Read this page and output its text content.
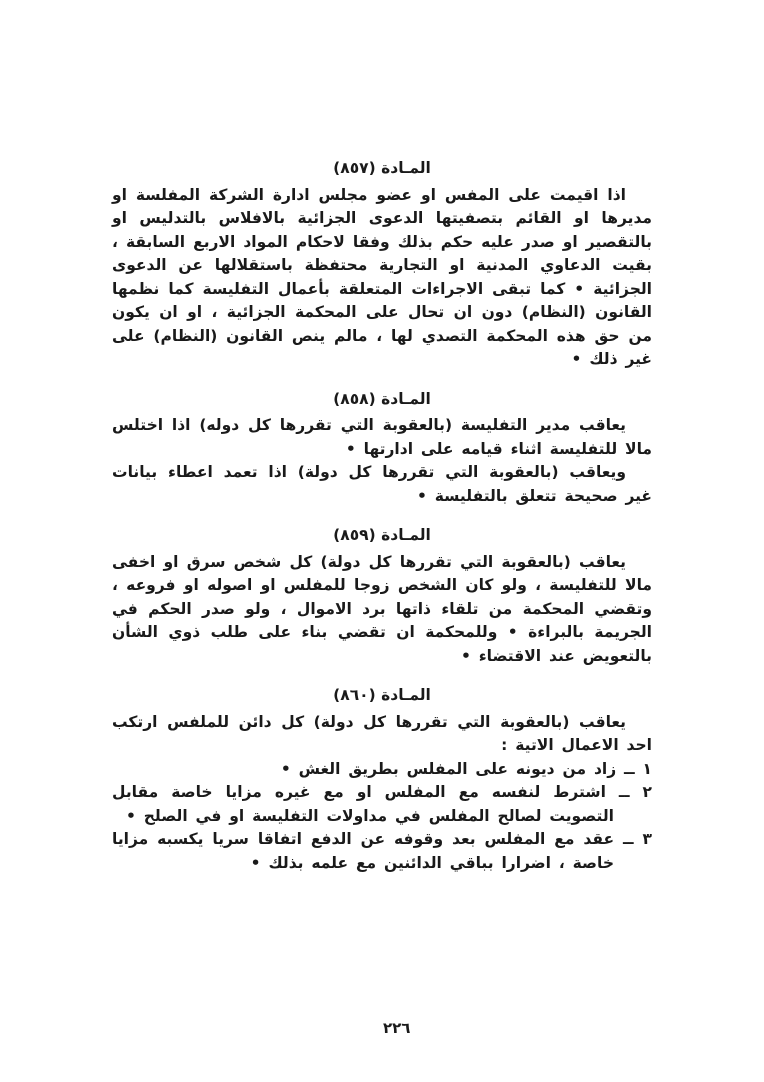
المـادة (٨٥٧)

اذا اقيمت على المفس او عضو مجلس ادارة الشركة المفلسة او مديرها او القائم بتصفيتها الدعوى الجزائية بالافلاس بالتدليس او بالتقصير او صدر عليه حكم بذلك وفقا لاحكام المواد الاربع السابقة ، بقيت الدعاوي المدنية او التجارية محتفظة باستقلالها عن الدعوى الجزائية • كما تبقى الاجراءات المتعلقة بأعمال التفليسة كما نظمها القانون (النظام) دون ان تحال على المحكمة الجزائية ، او ان يكون من حق هذه المحكمة التصدي لها ، مالم ينص القانون (النظام) على غير ذلك •

المـادة (٨٥٨)

يعاقب مدير التفليسة (بالعقوبة التي تقررها كل دوله) اذا اختلس مالا للتفليسة اثناء قيامه على ادارتها •

ويعاقب (بالعقوبة التي تقررها كل دولة) اذا تعمد اعطاء بيانات غير صحيحة تتعلق بالتفليسة •

المـادة (٨٥٩)

يعاقب (بالعقوبة التي تقررها كل دولة) كل شخص سرق او اخفى مالا للتفليسة ، ولو كان الشخص زوجا للمفلس او اصوله او فروعه ، وتقضي المحكمة من تلقاء ذاتها برد الاموال ، ولو صدر الحكم في الجريمة بالبراءة • وللمحكمة ان تقضي بناء على طلب ذوي الشأن بالتعويض عند الاقتضاء •

المـادة (٨٦٠)

يعاقب (بالعقوبة التي تقررها كل دولة) كل دائن للملفس ارتكب احد الاعمال الاتية :

١ ــ زاد من ديونه على المفلس بطريق الغش •
٢ ــ اشترط لنفسه مع المفلس او مع غيره مزايا خاصة مقابل التصويت لصالح المفلس في مداولات التفليسة او في الصلح •
٣ ــ عقد مع المفلس بعد وقوفه عن الدفع اتفاقا سريا يكسبه مزايا خاصة ، اضرارا بباقي الدائنين مع علمه بذلك •
٢٢٦
